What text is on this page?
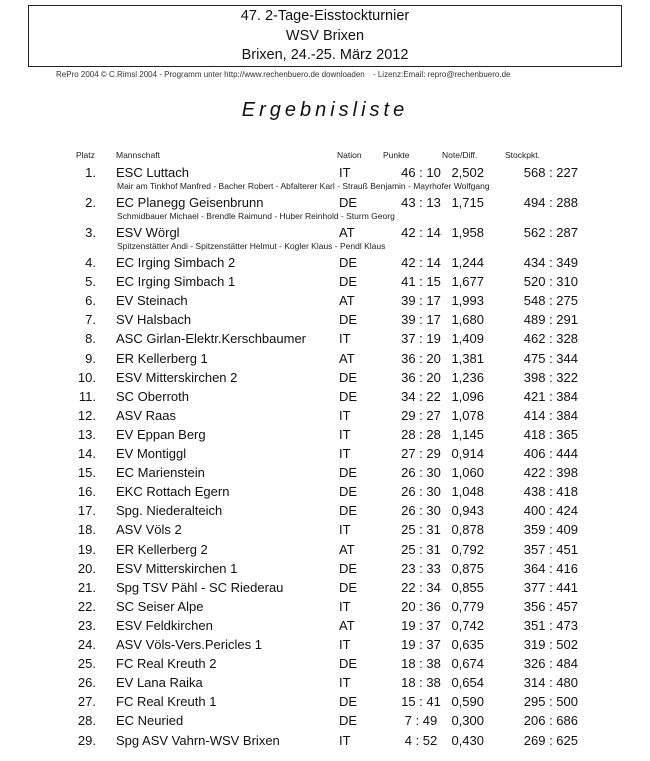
47. 2-Tage-Eisstockturnier
WSV Brixen
Brixen, 24.-25. März 2012
RePro 2004 © C.Rimsl 2004 - Programm unter http://www.rechenbuero.de downloaden - Lizenz:Email: repro@rechenbuero.de
Ergebnisliste
Platz Mannschaft	Nation	Punkte	Note/Diff.	Stockpkt.
1. ESC Luttach	IT	46 : 10 2,502	568 : 227
Mair am Tinkhof Manfred - Bacher Robert - Abfalterer Karl - Strauß Benjamin - Mayrhofer Wolfgang
2. EC Planegg Geisenbrunn	DE	43 : 13 1,715	494 : 288
Schmidbauer Michael - Brendle Raimund - Huber Reinhold - Sturm Georg
3. ESV Wörgl	AT	42 : 14 1,958	562 : 287
Spitzenstätter Andi - Spitzenstätter Helmut - Kogler Klaus - Pendl Klaus
4. EC Irging Simbach 2	DE	42 : 14 1,244	434 : 349
5. EC Irging Simbach 1	DE	41 : 15 1,677	520 : 310
6. EV Steinach	AT	39 : 17 1,993	548 : 275
7. SV Halsbach	DE	39 : 17 1,680	489 : 291
8. ASC Girlan-Elektr.Kerschbaumer	IT	37 : 19 1,409	462 : 328
9. ER Kellerberg 1	AT	36 : 20 1,381	475 : 344
10. ESV Mitterskirchen 2	DE	36 : 20 1,236	398 : 322
11. SC Oberroth	DE	34 : 22 1,096	421 : 384
12. ASV Raas	IT	29 : 27 1,078	414 : 384
13. EV Eppan Berg	IT	28 : 28 1,145	418 : 365
14. EV Montiggl	IT	27 : 29 0,914	406 : 444
15. EC Marienstein	DE	26 : 30 1,060	422 : 398
16. EKC Rottach Egern	DE	26 : 30 1,048	438 : 418
17. Spg. Niederalteich	DE	26 : 30 0,943	400 : 424
18. ASV Völs 2	IT	25 : 31 0,878	359 : 409
19. ER Kellerberg 2	AT	25 : 31 0,792	357 : 451
20. ESV Mitterskirchen 1	DE	23 : 33 0,875	364 : 416
21. Spg TSV Pähl - SC Riederau	DE	22 : 34 0,855	377 : 441
22. SC Seiser Alpe	IT	20 : 36 0,779	356 : 457
23. ESV Feldkirchen	AT	19 : 37 0,742	351 : 473
24. ASV Völs-Vers.Pericles 1	IT	19 : 37 0,635	319 : 502
25. FC Real Kreuth 2	DE	18 : 38 0,674	326 : 484
26. EV Lana Raika	IT	18 : 38 0,654	314 : 480
27. FC Real Kreuth 1	DE	15 : 41 0,590	295 : 500
28. EC Neuried	DE	7 : 49	0,300	206 : 686
29. Spg ASV Vahrn-WSV Brixen	IT	4 : 52	0,430	269 : 625
